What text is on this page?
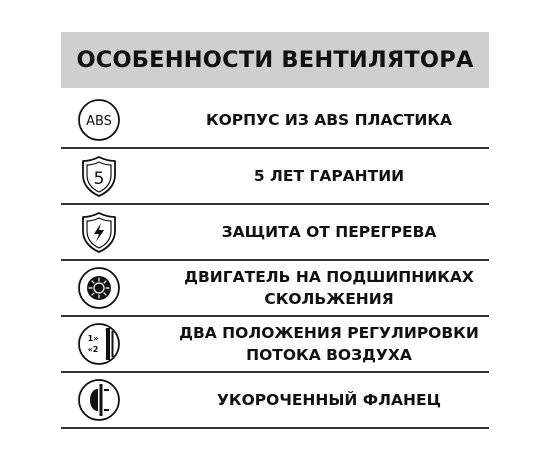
ОСОБЕННОСТИ ВЕНТИЛЯТОРА
ABS	КОРПУС ИЗ ABS ПЛАСТИКА
5	5 ЛЕТ ГАРАНТИИ
ЗАЩИТА ОТ ПЕРЕГРЕВА
ДВИГАТЕЛЬ НА ПОДШИПНИКАХ
СКОЛЬЖЕНИЯ
1»
«2
ДВА ПОЛОЖЕНИЯ РЕГУЛИРОВКИ
ПОТОКА ВОЗДУХА
УКОРОЧЕННЫЙ ФЛАНЕЦ
